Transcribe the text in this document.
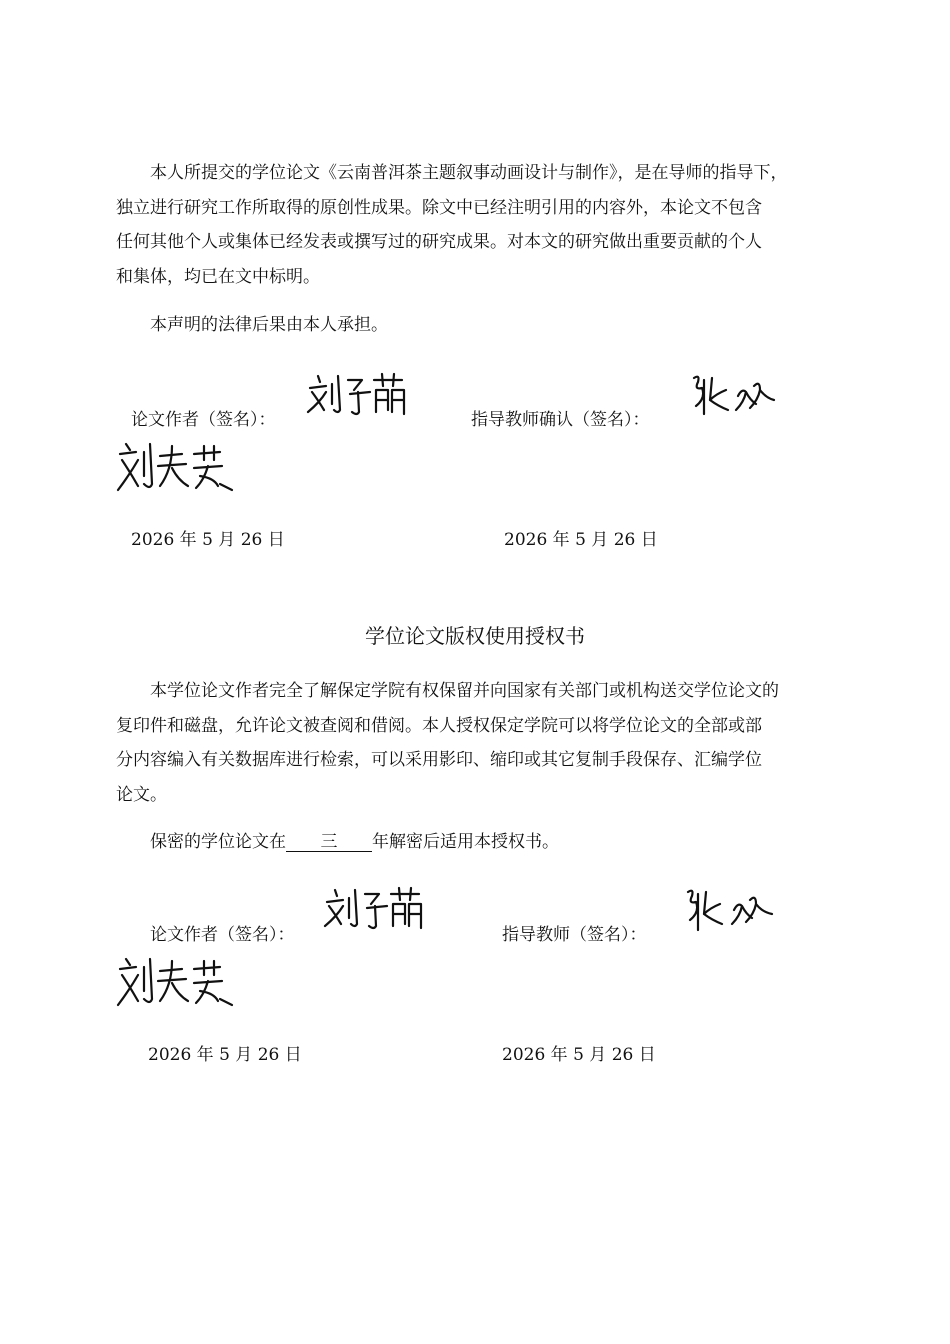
本人所提交的学位论文《云南普洱茶主题叙事动画设计与制作》，是在导师的指导下，
独立进行研究工作所取得的原创性成果。除文中已经注明引用的内容外，本论文不包含
任何其他个人或集体已经发表或撰写过的研究成果。对本文的研究做出重要贡献的个人
和集体，均已在文中标明。
本声明的法律后果由本人承担。
论文作者（签名）：	指导教师确认（签名）：
2026 年 5 月 26 日	2026 年 5 月 26 日
学位论文版权使用授权书
本学位论文作者完全了解保定学院有权保留并向国家有关部门或机构送交学位论文的
复印件和磁盘，允许论文被查阅和借阅。本人授权保定学院可以将学位论文的全部或部
分内容编入有关数据库进行检索，可以采用影印、缩印或其它复制手段保存、汇编学位
论文。
保密的学位论文在 三 年解密后适用本授权书。
论文作者（签名）：	指导教师（签名）：
2026 年 5 月 26 日	2026 年 5 月 26 日
